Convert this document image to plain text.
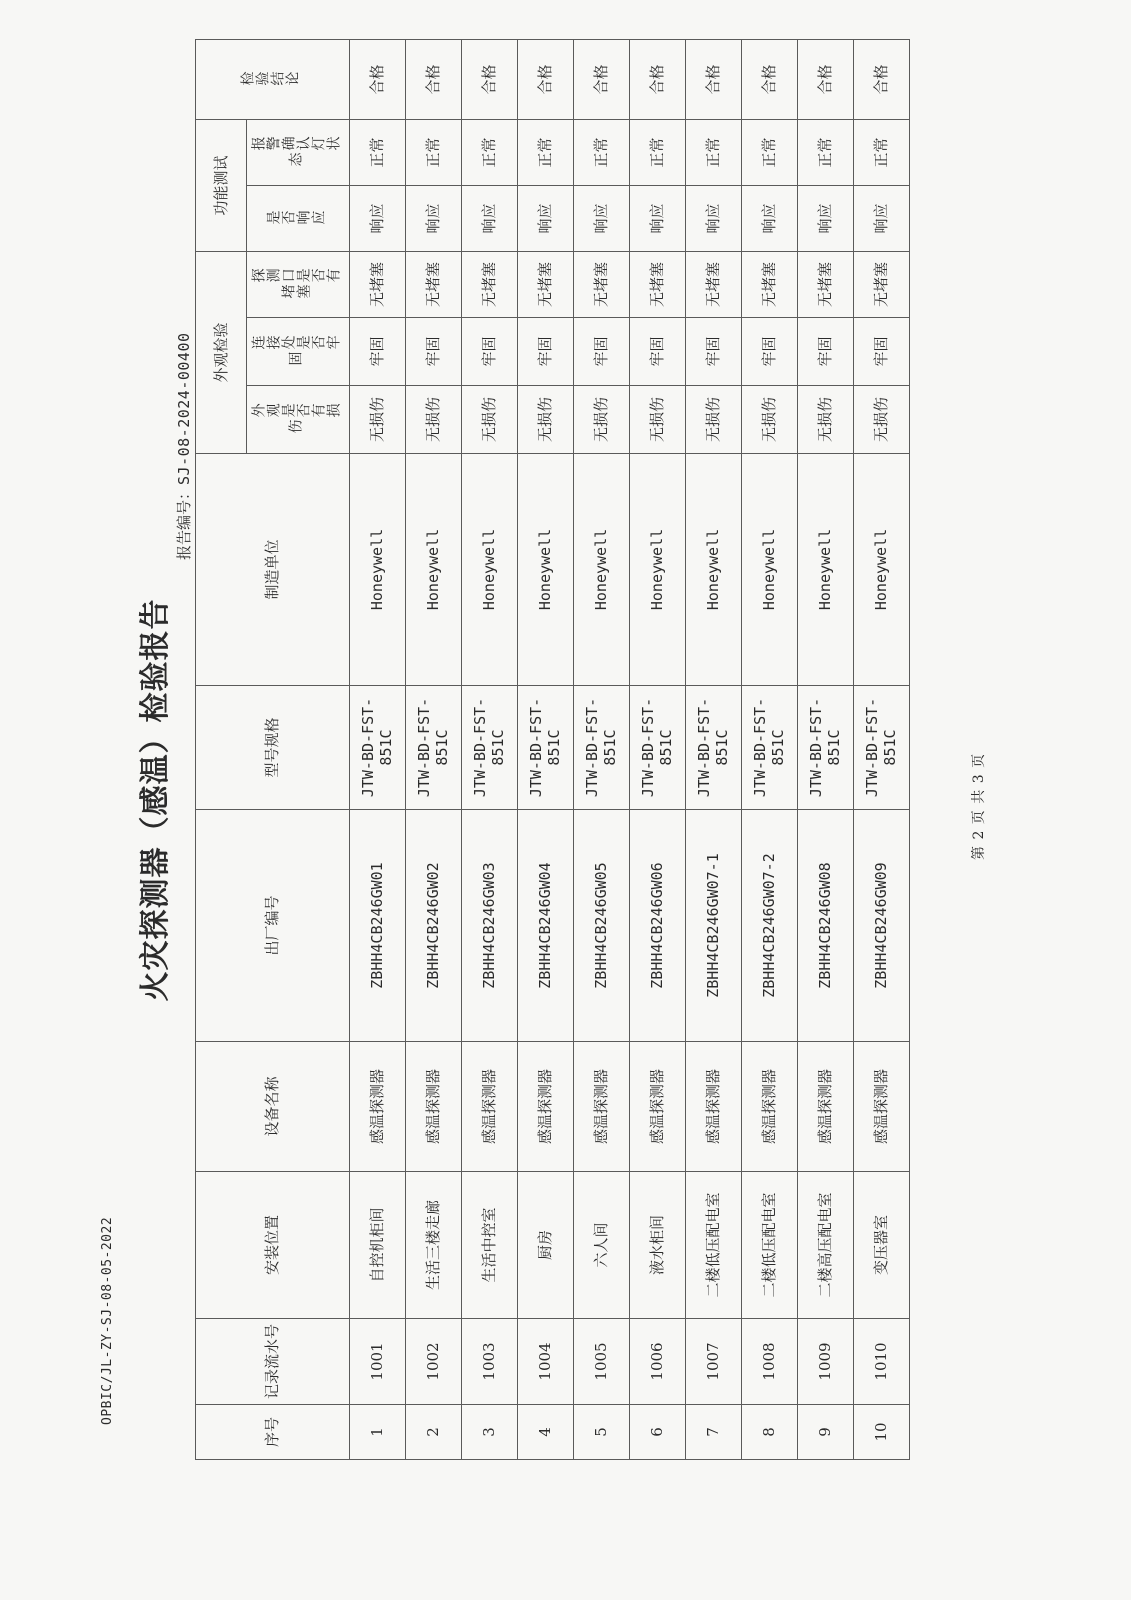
OPBIC/JL-ZY-SJ-08-05-2022
火灾探测器（感温）检验报告
报告编号：SJ-08-2024-00400
序号	记录流水号	安装位置	设备名称	出厂编号	型号规格	制造单位	外观检验			功能测试		检验结论
							外观是否有损伤	连接处是否牢固	探测口是否有堵塞	是否响应	报警确认灯状态	
1	1001	自控机柜间	感温探测器	ZBHH4CB246GW01	JTW-BD-FST-851C	Honeywell	无损伤	牢固	无堵塞	响应	正常	合格
2	1002	生活三楼走廊	感温探测器	ZBHH4CB246GW02	JTW-BD-FST-851C	Honeywell	无损伤	牢固	无堵塞	响应	正常	合格
3	1003	生活中控室	感温探测器	ZBHH4CB246GW03	JTW-BD-FST-851C	Honeywell	无损伤	牢固	无堵塞	响应	正常	合格
4	1004	厨房	感温探测器	ZBHH4CB246GW04	JTW-BD-FST-851C	Honeywell	无损伤	牢固	无堵塞	响应	正常	合格
5	1005	六人间	感温探测器	ZBHH4CB246GW05	JTW-BD-FST-851C	Honeywell	无损伤	牢固	无堵塞	响应	正常	合格
6	1006	液水柜间	感温探测器	ZBHH4CB246GW06	JTW-BD-FST-851C	Honeywell	无损伤	牢固	无堵塞	响应	正常	合格
7	1007	二楼低压配电室	感温探测器	ZBHH4CB246GW07-1	JTW-BD-FST-851C	Honeywell	无损伤	牢固	无堵塞	响应	正常	合格
8	1008	二楼低压配电室	感温探测器	ZBHH4CB246GW07-2	JTW-BD-FST-851C	Honeywell	无损伤	牢固	无堵塞	响应	正常	合格
9	1009	二楼高压配电室	感温探测器	ZBHH4CB246GW08	JTW-BD-FST-851C	Honeywell	无损伤	牢固	无堵塞	响应	正常	合格
10	1010	变压器室	感温探测器	ZBHH4CB246GW09	JTW-BD-FST-851C	Honeywell	无损伤	牢固	无堵塞	响应	正常	合格
第 2 页 共 3 页
